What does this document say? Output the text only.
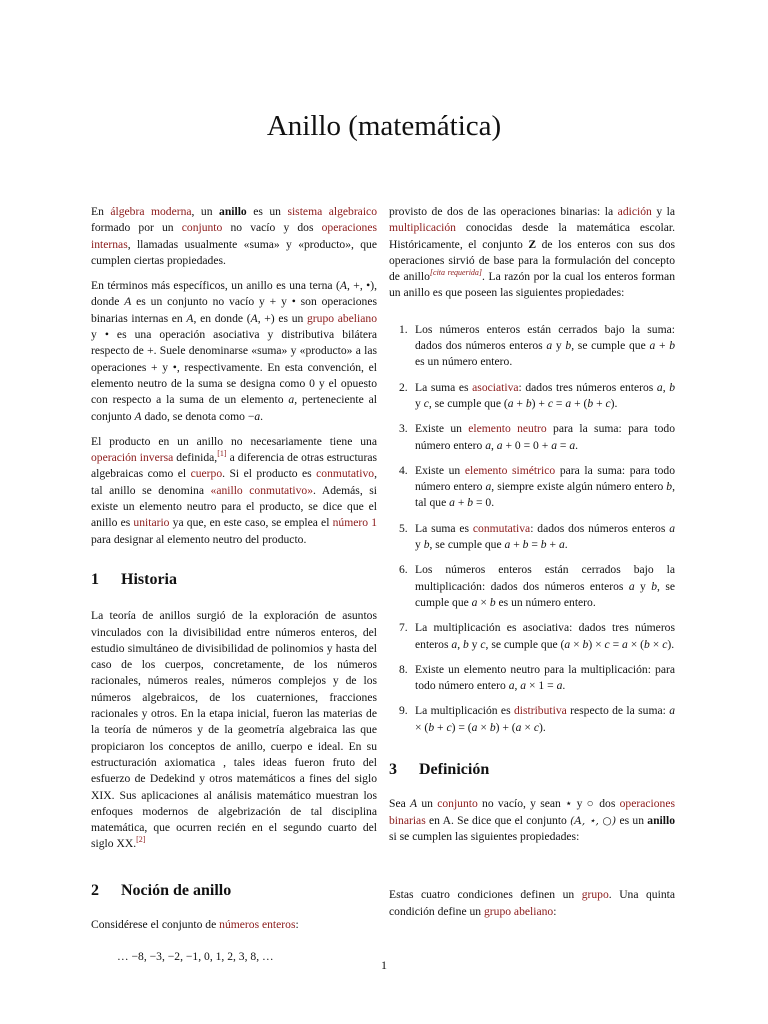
Anillo (matemática)

En álgebra moderna, un anillo es un sistema algebraico formado por un conjunto no vacío y dos operaciones internas, llamadas usualmente «suma» y «producto», que cumplen ciertas propiedades.

En términos más específicos, un anillo es una terna (A, +, •), donde A es un conjunto no vacío y + y • son operaciones binarias internas en A, en donde (A, +) es un grupo abeliano y • es una operación asociativa y distributiva bilátera respecto de +. Suele denominarse «suma» y «producto» a las operaciones + y •, respectivamente. En esta convención, el elemento neutro de la suma se designa como 0 y el opuesto con respecto a la suma de un elemento a, perteneciente al conjunto A dado, se denota como −a.

El producto en un anillo no necesariamente tiene una operación inversa definida,[1] a diferencia de otras estructuras algebraicas como el cuerpo. Si el producto es conmutativo, tal anillo se denomina «anillo conmutativo». Además, si existe un elemento neutro para el producto, se dice que el anillo es unitario ya que, en este caso, se emplea el número 1 para designar al elemento neutro del producto.

1	Historia

La teoría de anillos surgió de la exploración de asuntos vinculados con la divisibilidad entre números enteros, del estudio simultáneo de divisibilidad de polinomios y hasta del caso de los cuerpos, concretamente, de los números racionales, números reales, números complejos y de los números algebraicos, de los cuaterniones, fracciones racionales y otros. En la etapa inicial, fueron las materias de la teoría de números y de la geometría algebraica las que propiciaron los conceptos de anillo, cuerpo e ideal. En su estructuración axiomatica , tales ideas fueron fruto del esfuerzo de Dedekind y otros matemáticos a fines del siglo XIX. Sus aplicaciones al análisis matemático muestran los enfoques modernos de algebrización de tal disciplina matemática, que ocurren recién en el segundo cuarto del siglo XX.[2]

2	Noción de anillo

Considérese el conjunto de números enteros:

… −8, −3, −2, −1, 0, 1, 2, 3, 8, …

provisto de dos de las operaciones binarias: la adición y la multiplicación conocidas desde la matemática escolar. Históricamente, el conjunto Z de los enteros con sus dos operaciones sirvió de base para la formulación del concepto de anillo[cita requerida]. La razón por la cual los enteros forman un anillo es que poseen las siguientes propiedades:

1. Los números enteros están cerrados bajo la suma: dados dos números enteros a y b, se cumple que a + b es un número entero.
2. La suma es asociativa: dados tres números enteros a, b y c, se cumple que (a + b) + c = a + (b + c).
3. Existe un elemento neutro para la suma: para todo número entero a, a + 0 = 0 + a = a.
4. Existe un elemento simétrico para la suma: para todo número entero a, siempre existe algún número entero b, tal que a + b = 0.
5. La suma es conmutativa: dados dos números enteros a y b, se cumple que a + b = b + a.
6. Los números enteros están cerrados bajo la multiplicación: dados dos números enteros a y b, se cumple que a × b es un número entero.
7. La multiplicación es asociativa: dados tres números enteros a, b y c, se cumple que (a × b) × c = a × (b × c).
8. Existe un elemento neutro para la multiplicación: para todo número entero a, a × 1 = a.
9. La multiplicación es distributiva respecto de la suma: a × (b + c) = (a × b) + (a × c).
3	Definición

Sea A un conjunto no vacío, y sean ⋆ y ○ dos operaciones binarias en A. Se dice que el conjunto (A, ⋆, ○) es un anillo si se cumplen las siguientes propiedades:

Estas cuatro condiciones definen un grupo. Una quinta condición define un grupo abeliano:

1
